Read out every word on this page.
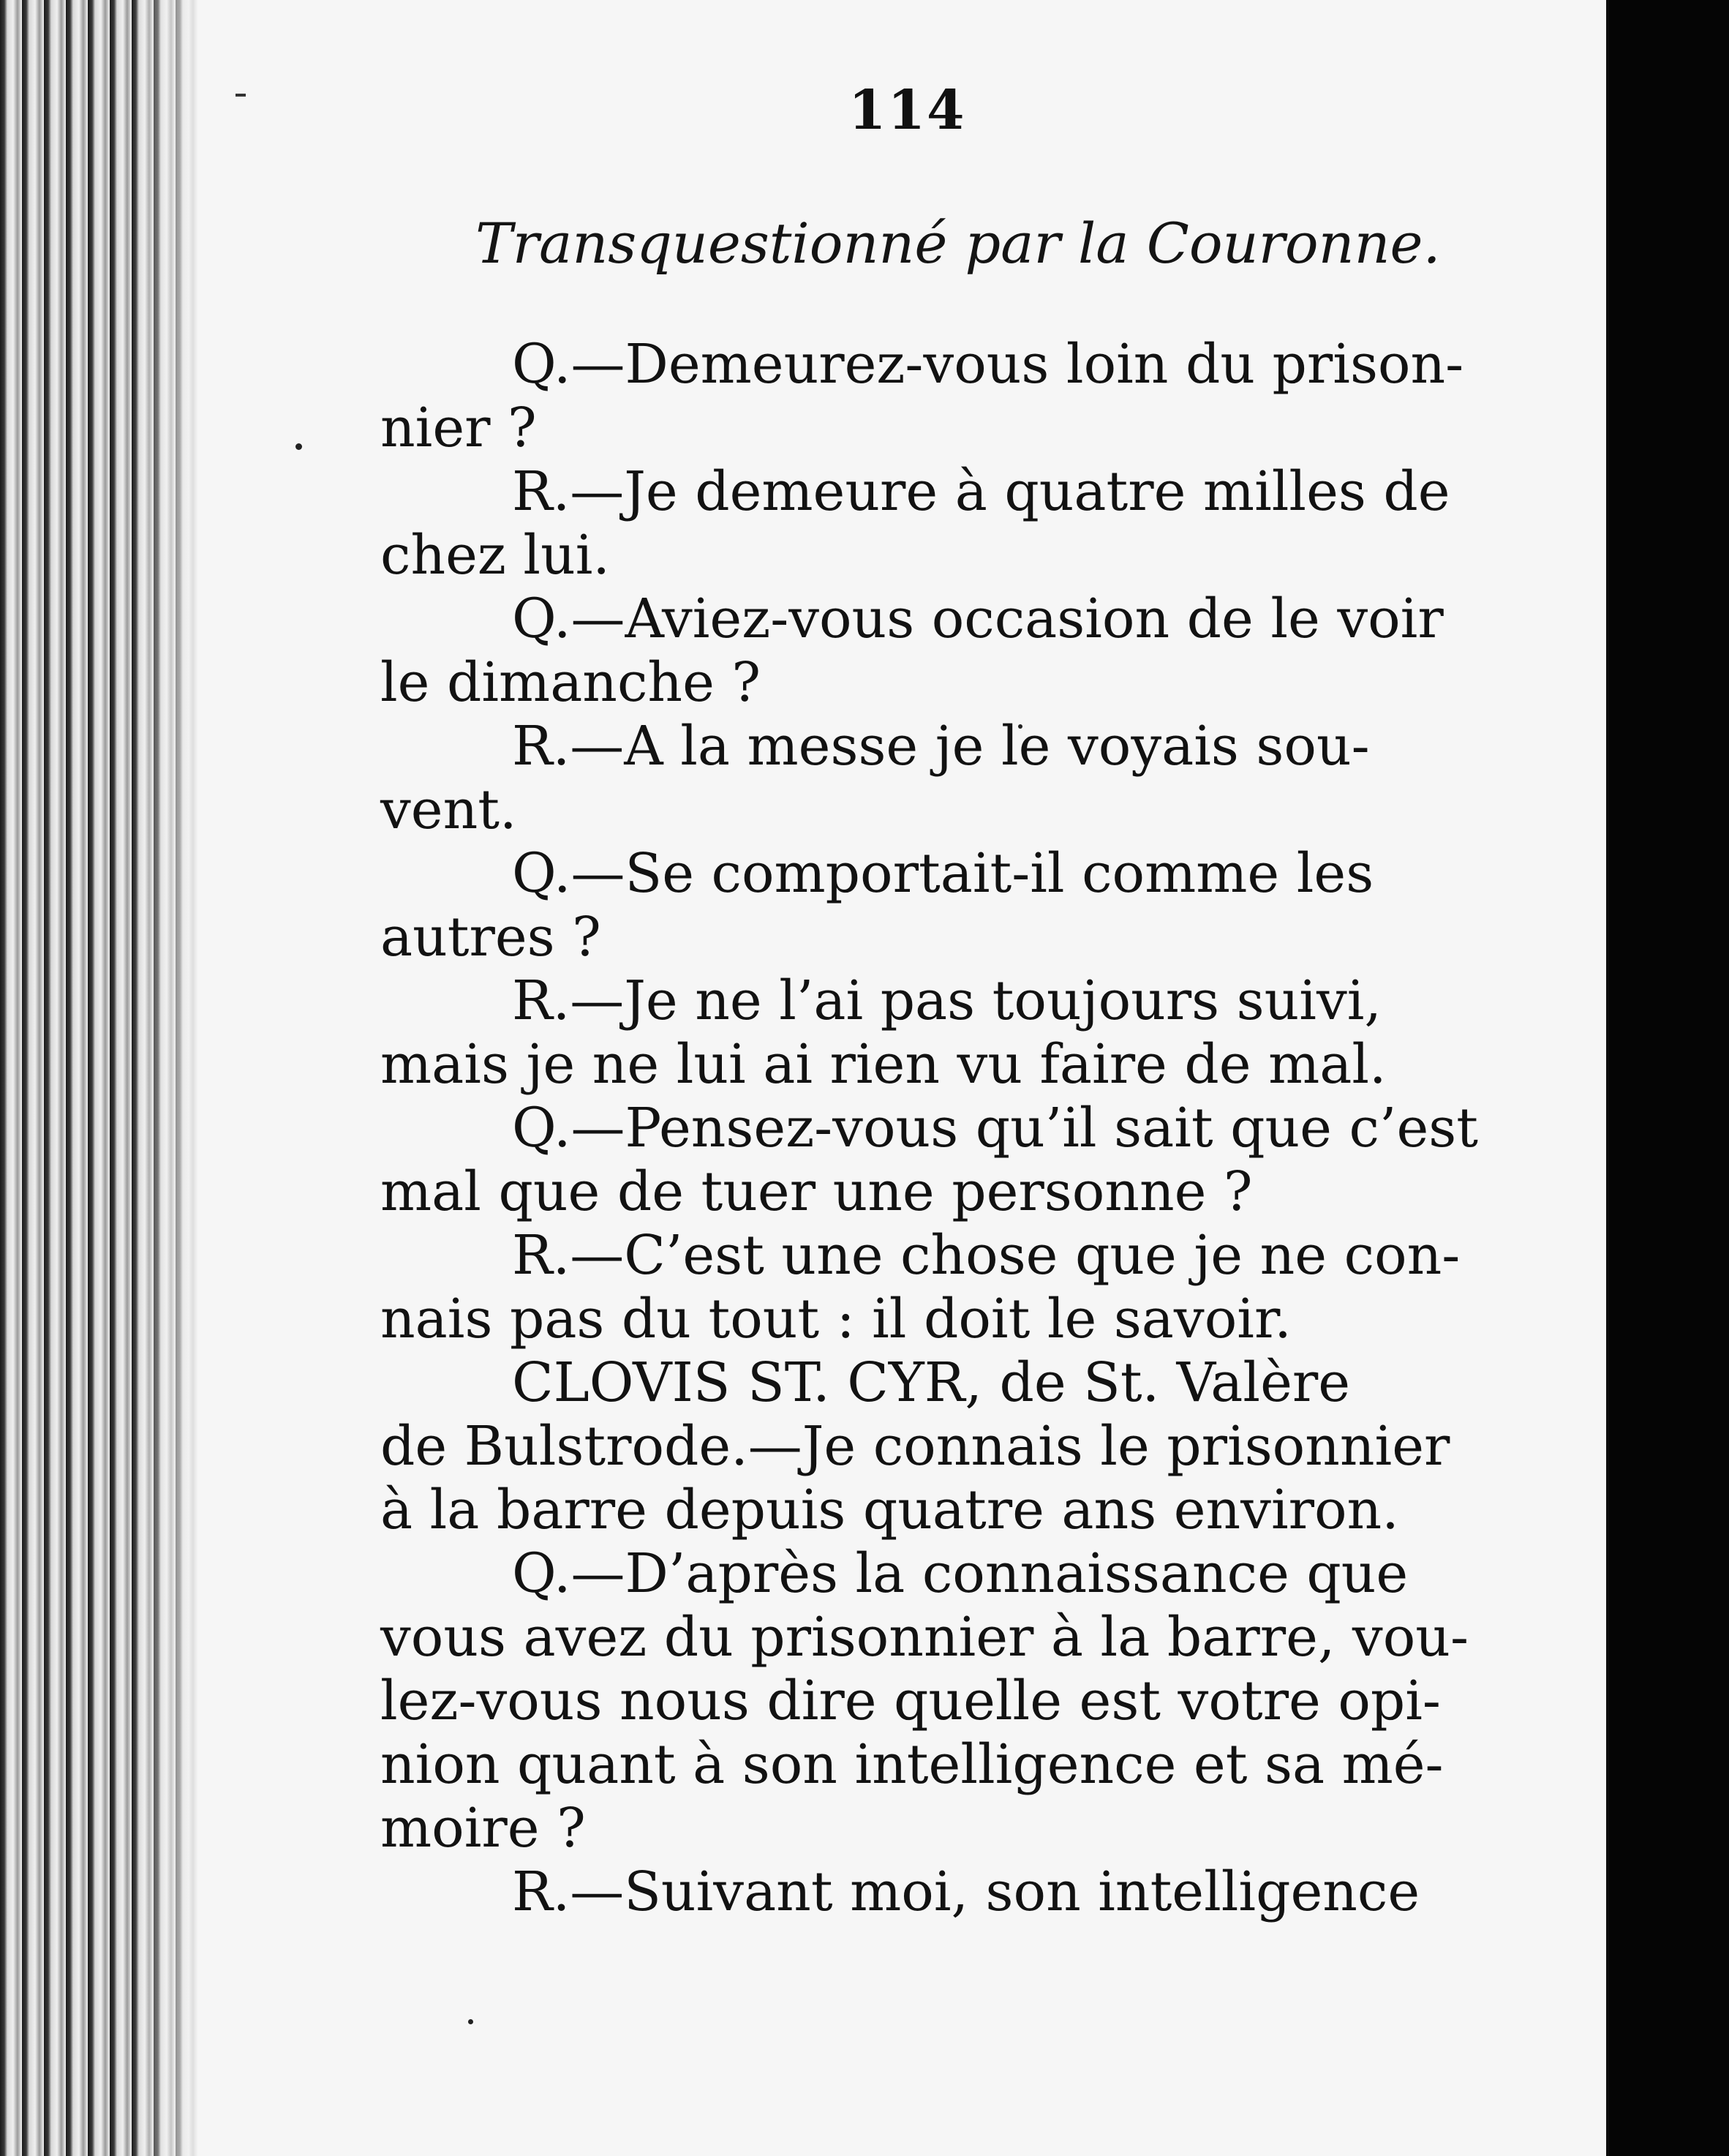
114
Transquestionné par la Couronne.
Q.—Demeurez-vous loin du prison-
nier ?
R.—Je demeure à quatre milles de
chez lui.
Q.—Aviez-vous occasion de le voir
le dimanche ?
R.—A la messe je le voyais sou-
vent.
Q.—Se comportait-il comme les
autres ?
R.—Je ne l’ai pas toujours suivi,
mais je ne lui ai rien vu faire de mal.
Q.—Pensez-vous qu’il sait que c’est
mal que de tuer une personne ?
R.—C’est une chose que je ne con-
nais pas du tout : il doit le savoir.
CLOVIS ST. CYR, de St. Valère
de Bulstrode.—Je connais le prisonnier
à la barre depuis quatre ans environ.
Q.—D’après la connaissance que
vous avez du prisonnier à la barre, vou-
lez-vous nous dire quelle est votre opi-
nion quant à son intelligence et sa mé-
moire ?
R.—Suivant moi, son intelligence
